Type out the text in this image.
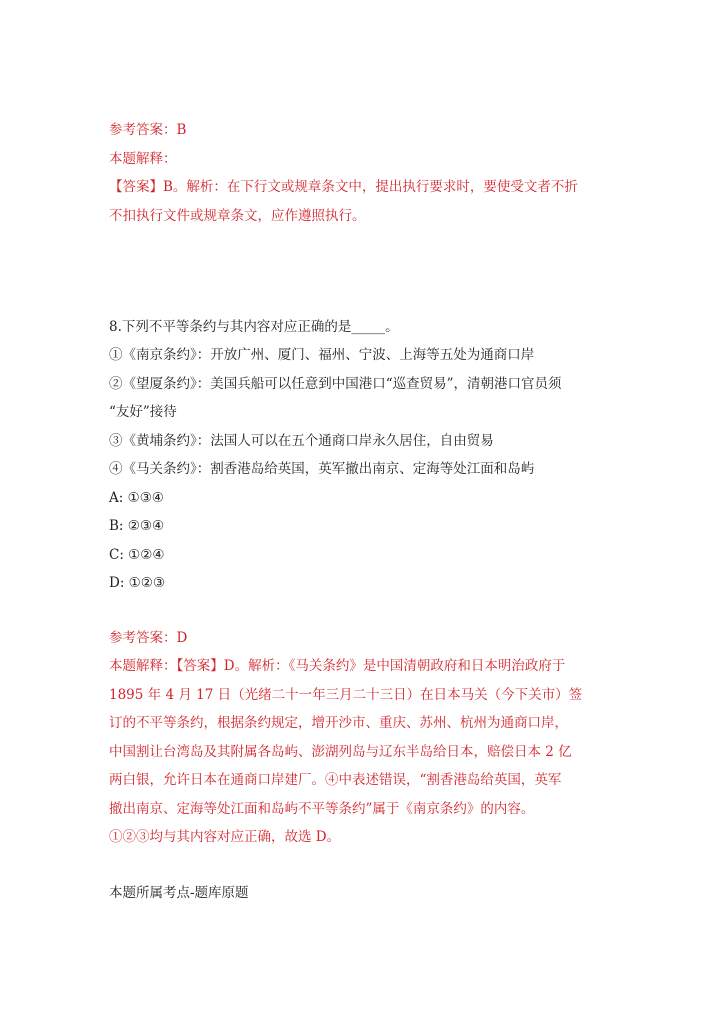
参考答案：B
本题解释：
【答案】B。解析：在下行文或规章条文中，提出执行要求时，要使受文者不折
不扣执行文件或规章条文，应作遵照执行。
8.下列不平等条约与其内容对应正确的是_____。
①《南京条约》：开放广州、厦门、福州、宁波、上海等五处为通商口岸
②《望厦条约》：美国兵船可以任意到中国港口“巡查贸易”，清朝港口官员须
“友好”接待
③《黄埔条约》：法国人可以在五个通商口岸永久居住，自由贸易
④《马关条约》：割香港岛给英国，英军撤出南京、定海等处江面和岛屿
A: ①③④
B: ②③④
C: ①②④
D: ①②③
参考答案：D
本题解释：【答案】D。解析：《马关条约》是中国清朝政府和日本明治政府于
1895 年 4 月 17 日（光绪二十一年三月二十三日）在日本马关（今下关市）签
订的不平等条约，根据条约规定，增开沙市、重庆、苏州、杭州为通商口岸，
中国割让台湾岛及其附属各岛屿、澎湖列岛与辽东半岛给日本，赔偿日本 2 亿
两白银，允许日本在通商口岸建厂。④中表述错误，“割香港岛给英国，英军
撤出南京、定海等处江面和岛屿不平等条约”属于《南京条约》的内容。
①②③均与其内容对应正确，故选 D。
本题所属考点-题库原题
